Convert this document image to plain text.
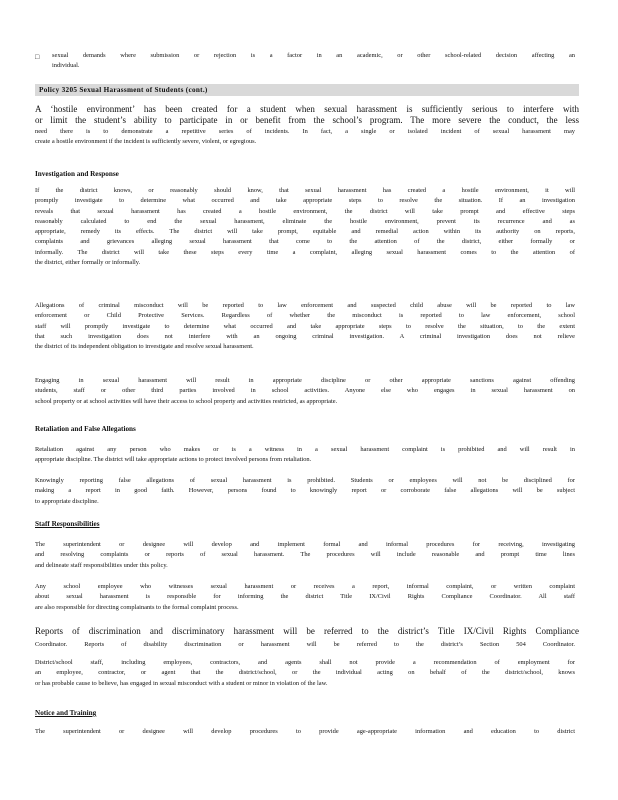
□ sexual demands where submission or rejection is a factor in an academic, or other school-related decision affecting an

individual.

Policy 3205 Sexual Harassment of Students (cont.)

A ‘hostile environment’ has been created for a student when sexual harassment is sufficiently serious to interfere with

or limit the student’s ability to participate in or benefit from the school’s program. The more severe the conduct, the less

need there is to demonstrate a repetitive series of incidents. In fact, a single or isolated incident of sexual harassment may

create a hostile environment if the incident is sufficiently severe, violent, or egregious.

Investigation and Response

If the district knows, or reasonably should know, that sexual harassment has created a hostile environment, it will

promptly investigate to determine what occurred and take appropriate steps to resolve the situation. If an investigation

reveals that sexual harassment has created a hostile environment, the district will take prompt and effective steps

reasonably calculated to end the sexual harassment, eliminate the hostile environment, prevent its recurrence and as

appropriate, remedy its effects. The district will take prompt, equitable and remedial action within its authority on reports,

complaints and grievances alleging sexual harassment that come to the attention of the district, either formally or

informally. The district will take these steps every time a complaint, alleging sexual harassment comes to the attention of

the district, either formally or informally.

Allegations of criminal misconduct will be reported to law enforcement and suspected child abuse will be reported to law

enforcement or Child Protective Services. Regardless of whether the misconduct is reported to law enforcement, school

staff will promptly investigate to determine what occurred and take appropriate steps to resolve the situation, to the extent

that such investigation does not interfere with an ongoing criminal investigation. A criminal investigation does not relieve

the district of its independent obligation to investigate and resolve sexual harassment.

Engaging in sexual harassment will result in appropriate discipline or other appropriate sanctions against offending

students, staff or other third parties involved in school activities. Anyone else who engages in sexual harassment on

school property or at school activities will have their access to school property and activities restricted, as appropriate.

Retaliation and False Allegations

Retaliation against any person who makes or is a witness in a sexual harassment complaint is prohibited and will result in

appropriate discipline. The district will take appropriate actions to protect involved persons from retaliation.

Knowingly reporting false allegations of sexual harassment is prohibited. Students or employees will not be disciplined for

making a report in good faith. However, persons found to knowingly report or corroborate false allegations will be subject

to appropriate discipline.

Staff Responsibilities

The superintendent or designee will develop and implement formal and informal procedures for receiving, investigating

and resolving complaints or reports of sexual harassment. The procedures will include reasonable and prompt time lines

and delineate staff responsibilities under this policy.

Any school employee who witnesses sexual harassment or receives a report, informal complaint, or written complaint

about sexual harassment is responsible for informing the district Title IX/Civil Rights Compliance Coordinator. All staff

are also responsible for directing complainants to the formal complaint process.

Reports of discrimination and discriminatory harassment will be referred to the district’s Title IX/Civil Rights Compliance

Coordinator. Reports of disability discrimination or harassment will be referred to the district’s Section 504 Coordinator.

District/school staff, including employees, contractors, and agents shall not provide a recommendation of employment for

an employee, contractor, or agent that the district/school, or the individual acting on behalf of the district/school, knows

or has probable cause to believe, has engaged in sexual misconduct with a student or minor in violation of the law.

Notice and Training

The superintendent or designee will develop procedures to provide age-appropriate information and education to district
